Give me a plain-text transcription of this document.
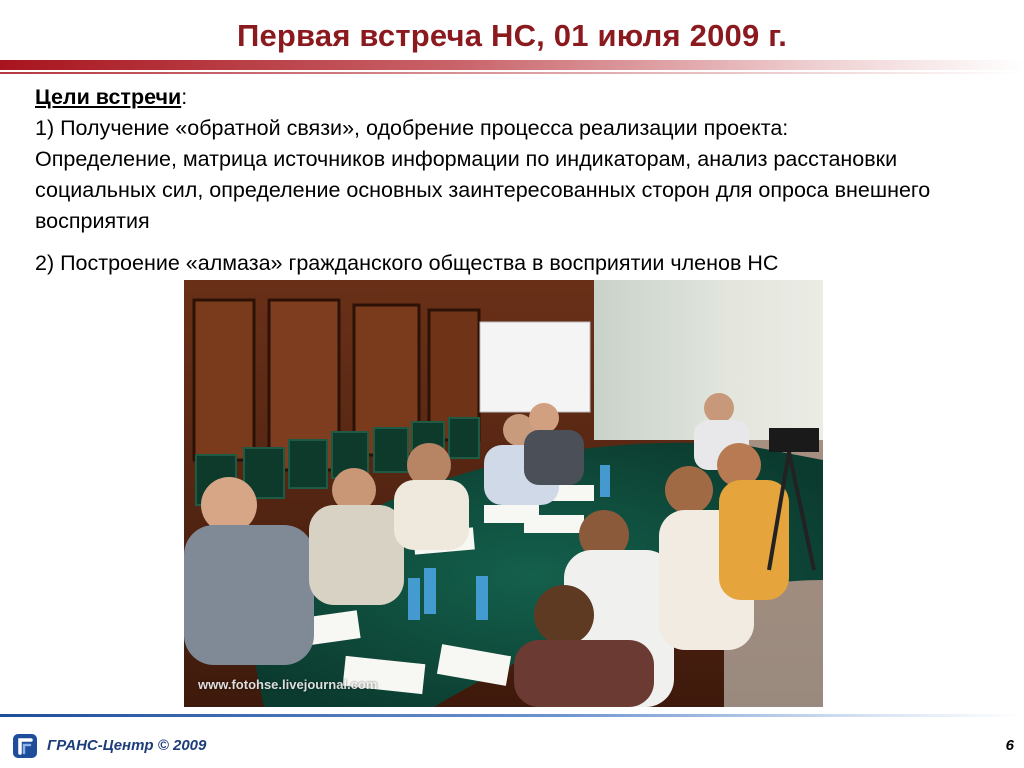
Первая встреча НС, 01 июля 2009 г.
Цели встречи:
1) Получение «обратной связи», одобрение процесса реализации проекта:
Определение, матрица источников информации по индикаторам, анализ расстановки социальных сил, определение основных заинтересованных сторон для опроса внешнего восприятия
2) Построение «алмаза» гражданского общества в восприятии членов НС
www.fotohse.livejournal.com
ГРАНС-Центр © 2009	6
